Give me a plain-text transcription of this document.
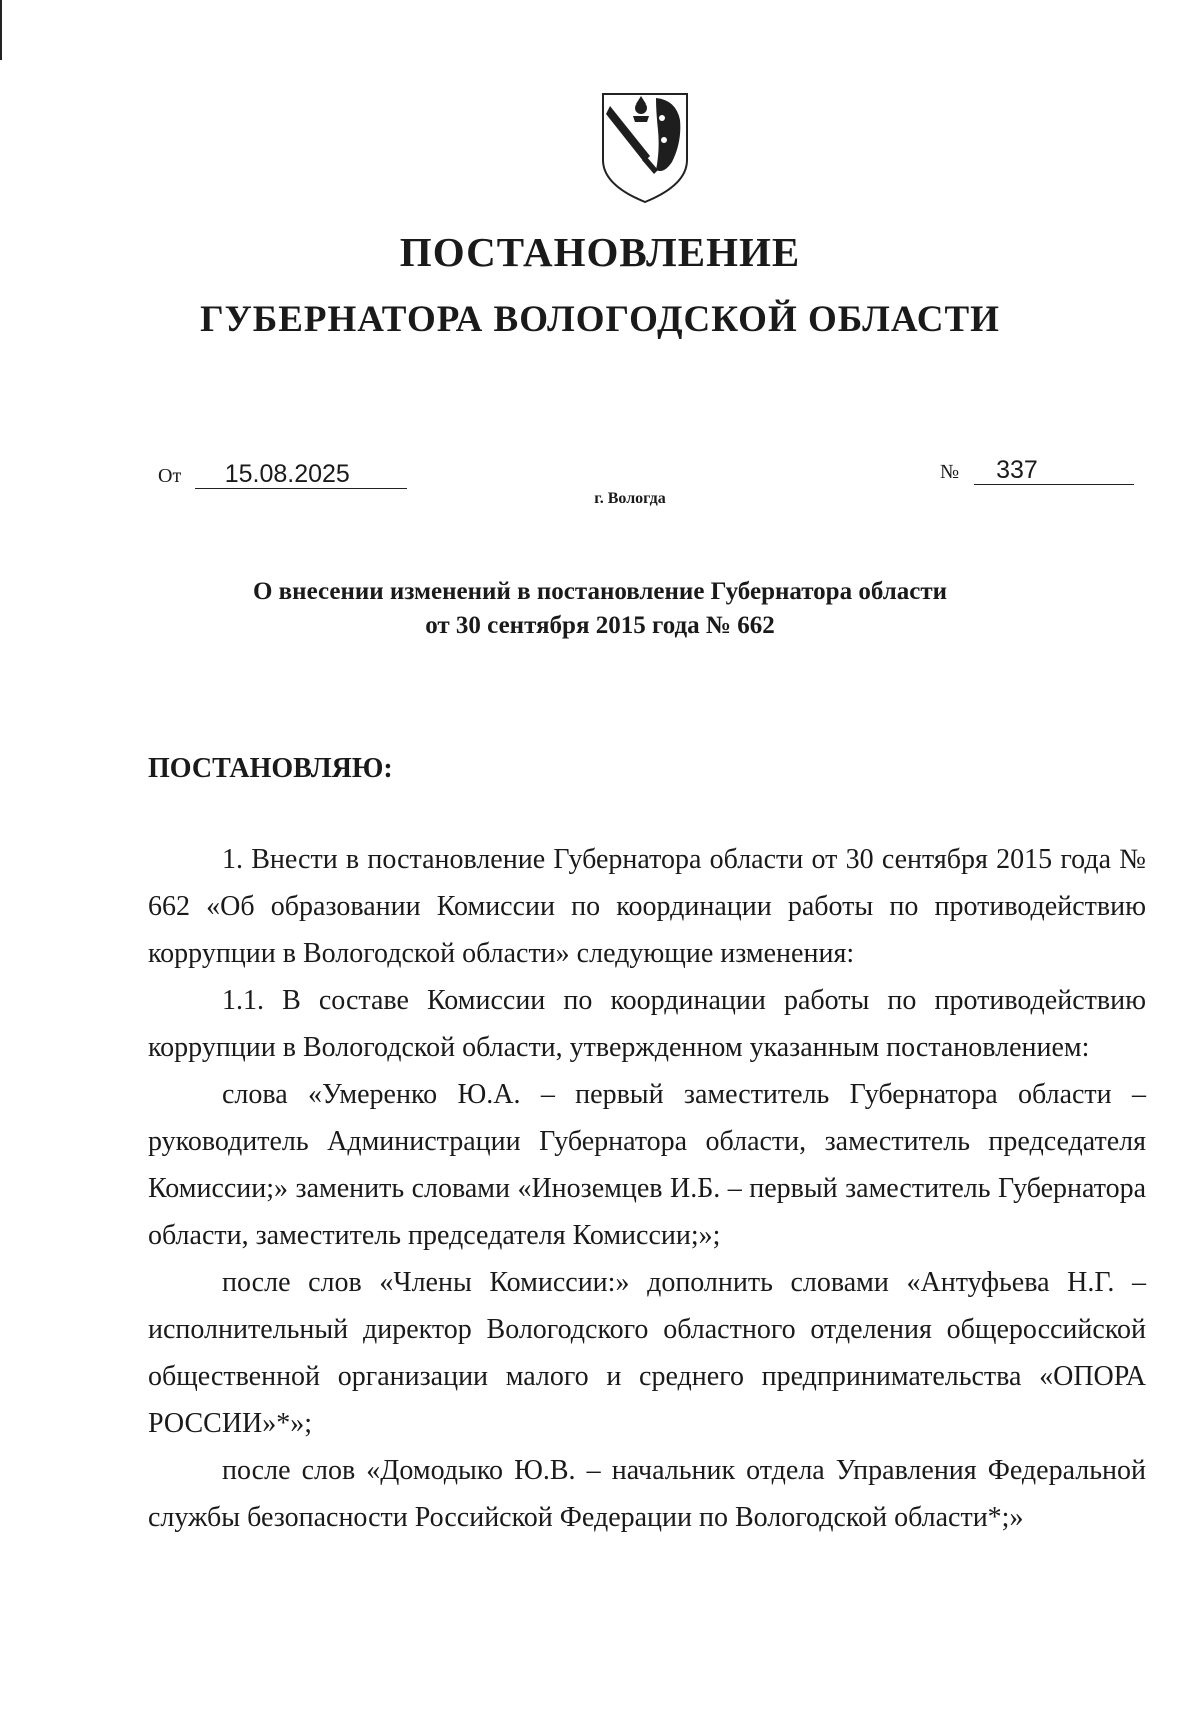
ПОСТАНОВЛЕНИЕ
ГУБЕРНАТОРА ВОЛОГОДСКОЙ ОБЛАСТИ
От 15.08.2025	№ 337
г. Вологда
О внесении изменений в постановление Губернатора области
от 30 сентября 2015 года № 662
ПОСТАНОВЛЯЮ:

1. Внести в постановление Губернатора области от 30 сентября 2015 года № 662 «Об образовании Комиссии по координации работы по противодействию коррупции в Вологодской области» следующие изменения:

1.1. В составе Комиссии по координации работы по противодействию коррупции в Вологодской области, утвержденном указанным постановлением:

слова «Умеренко Ю.А. – первый заместитель Губернатора области – руководитель Администрации Губернатора области, заместитель председателя Комиссии;» заменить словами «Иноземцев И.Б. – первый заместитель Губернатора области, заместитель председателя Комиссии;»;

после слов «Члены Комиссии:» дополнить словами «Антуфьева Н.Г. – исполнительный директор Вологодского областного отделения общероссийской общественной организации малого и среднего предпринимательства «ОПОРА РОССИИ»*»;

после слов «Домодыко Ю.В. – начальник отдела Управления Федеральной службы безопасности Российской Федерации по Вологодской области*;»
